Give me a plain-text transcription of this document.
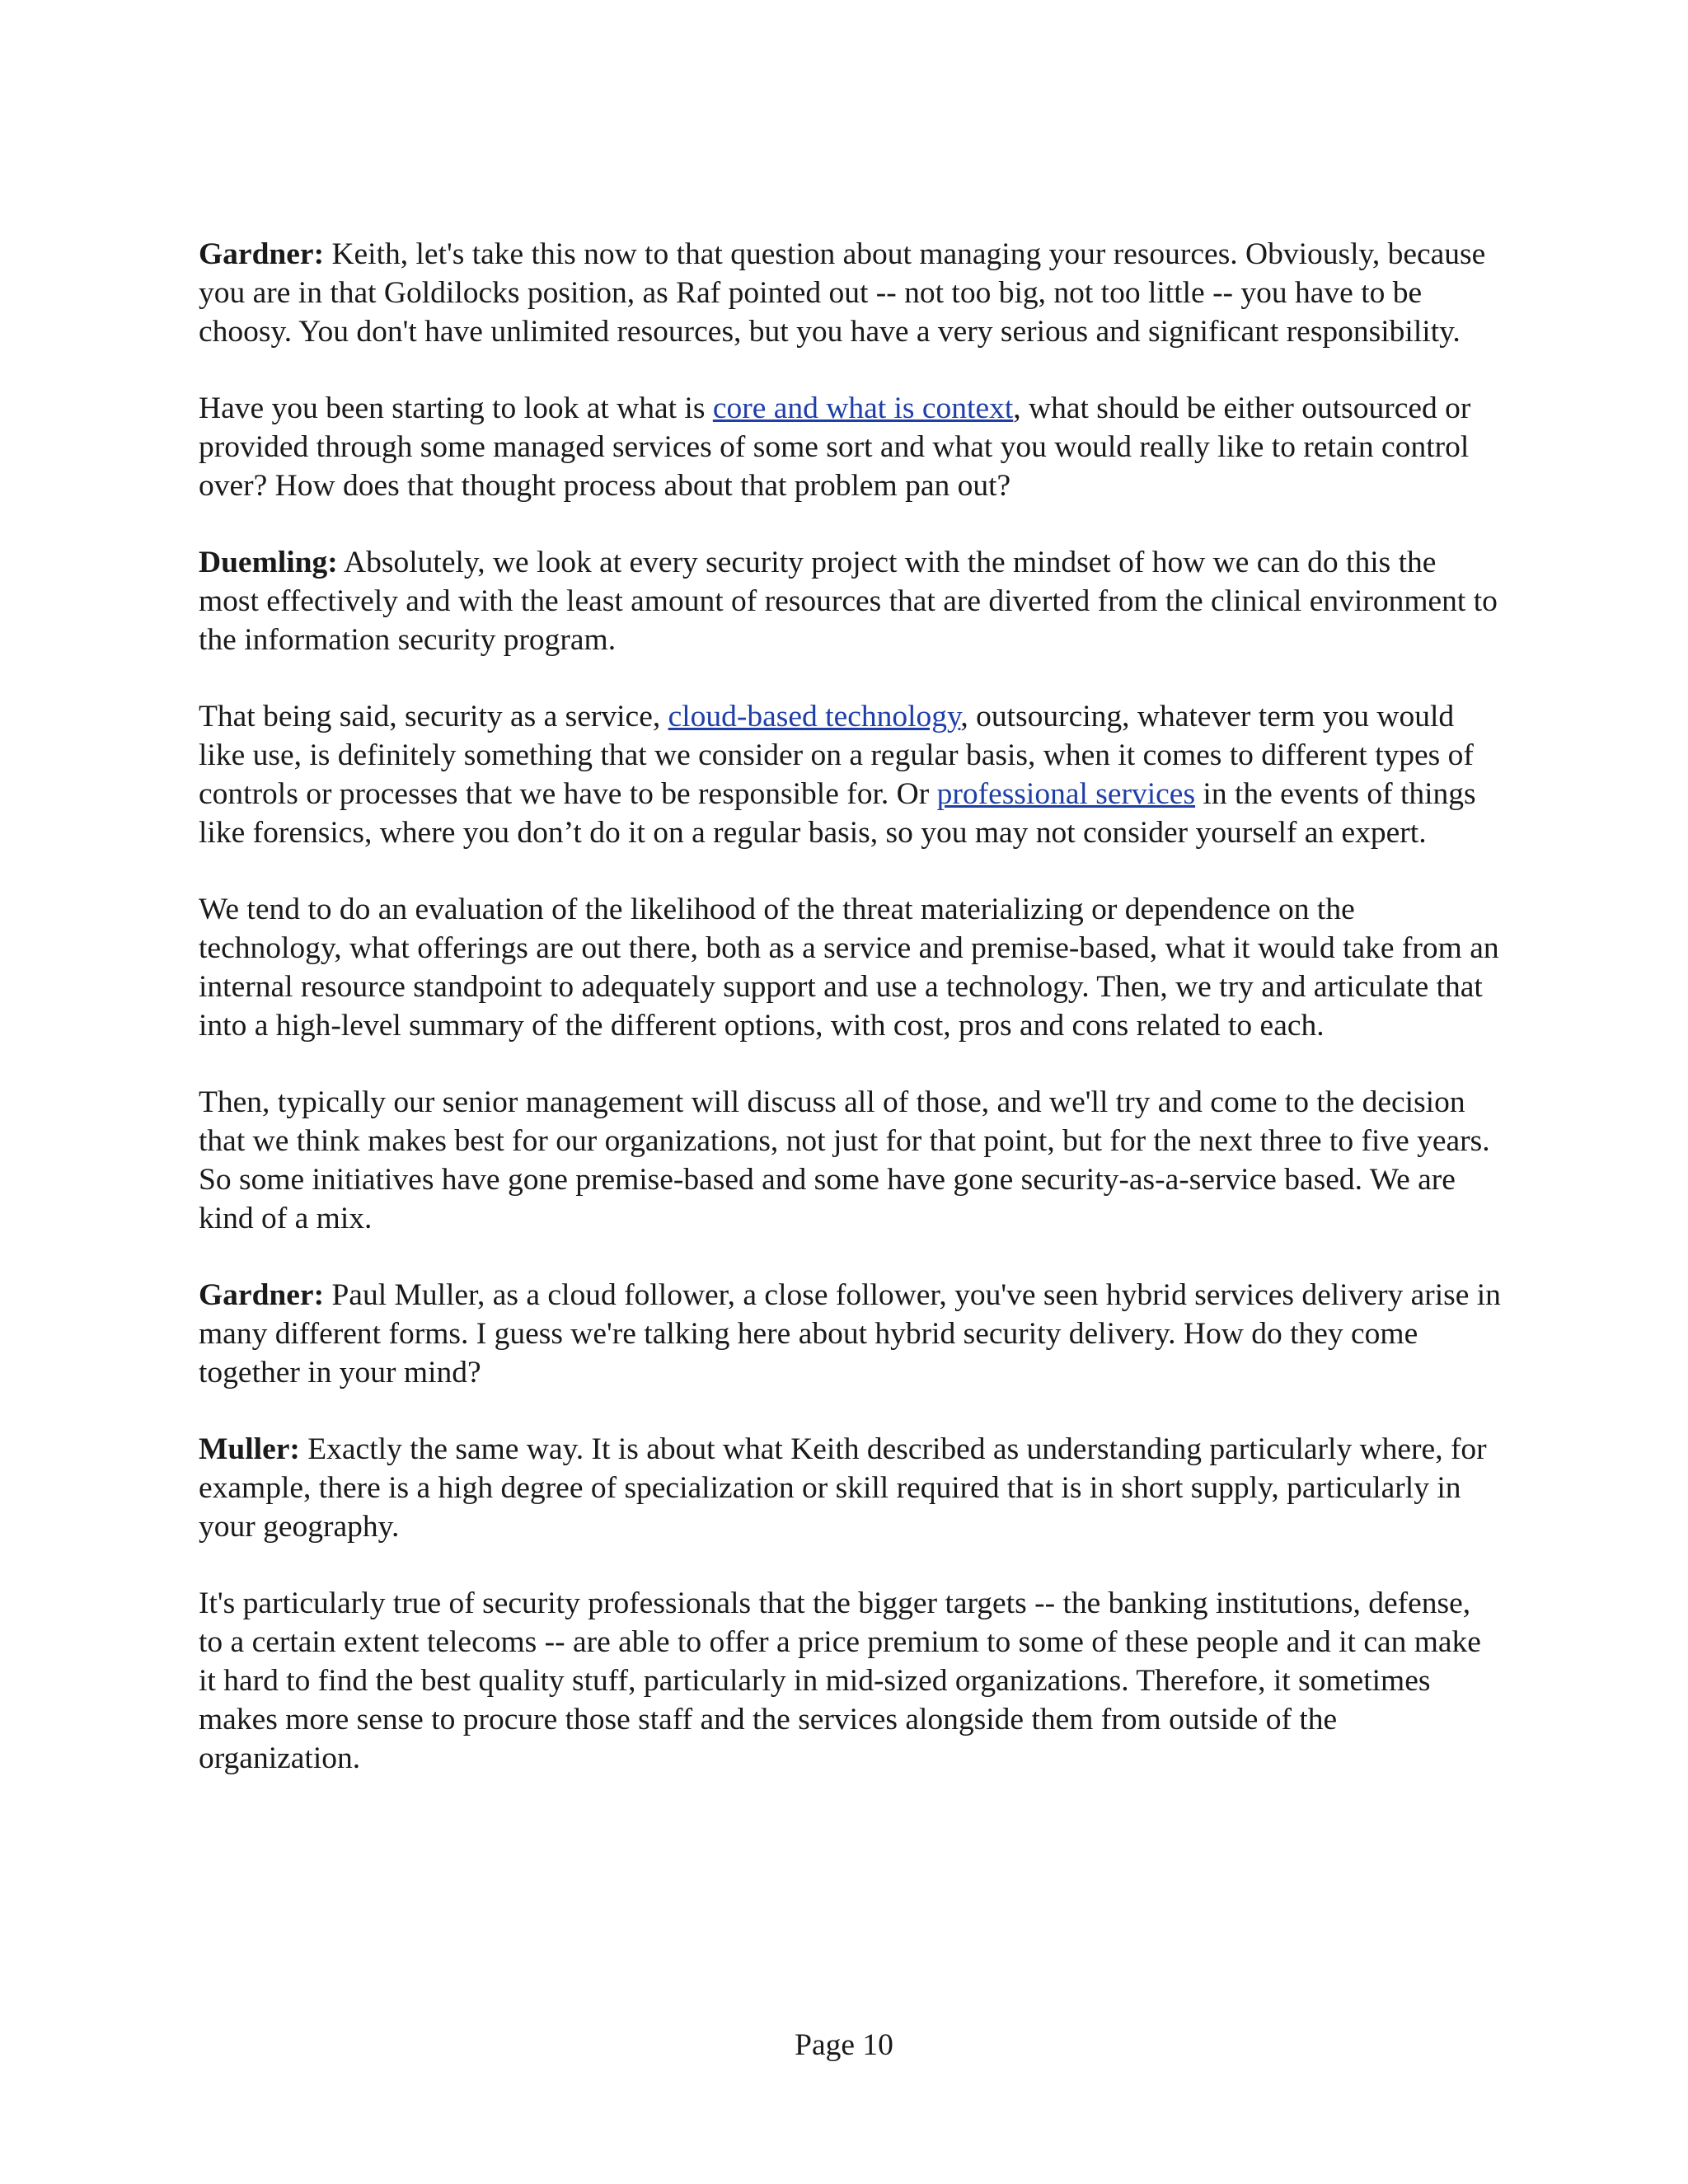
Gardner: Keith, let's take this now to that question about managing your resources. Obviously, because you are in that Goldilocks position, as Raf pointed out -- not too big, not too little -- you have to be choosy. You don't have unlimited resources, but you have a very serious and significant responsibility.

Have you been starting to look at what is core and what is context, what should be either outsourced or provided through some managed services of some sort and what you would really like to retain control over? How does that thought process about that problem pan out?

Duemling: Absolutely, we look at every security project with the mindset of how we can do this the most effectively and with the least amount of resources that are diverted from the clinical environment to the information security program.

That being said, security as a service, cloud-based technology, outsourcing, whatever term you would like use, is definitely something that we consider on a regular basis, when it comes to different types of controls or processes that we have to be responsible for. Or professional services in the events of things like forensics, where you don’t do it on a regular basis, so you may not consider yourself an expert.

We tend to do an evaluation of the likelihood of the threat materializing or dependence on the technology, what offerings are out there, both as a service and premise-based, what it would take from an internal resource standpoint to adequately support and use a technology. Then, we try and articulate that into a high-level summary of the different options, with cost, pros and cons related to each.

Then, typically our senior management will discuss all of those, and we'll try and come to the decision that we think makes best for our organizations, not just for that point, but for the next three to five years. So some initiatives have gone premise-based and some have gone security-as-a-service based. We are kind of a mix.

Gardner: Paul Muller, as a cloud follower, a close follower, you've seen hybrid services delivery arise in many different forms. I guess we're talking here about hybrid security delivery. How do they come together in your mind?

Muller: Exactly the same way. It is about what Keith described as understanding particularly where, for example, there is a high degree of specialization or skill required that is in short supply, particularly in your geography.

It's particularly true of security professionals that the bigger targets -- the banking institutions, defense, to a certain extent telecoms -- are able to offer a price premium to some of these people and it can make it hard to find the best quality stuff, particularly in mid-sized organizations. Therefore, it sometimes makes more sense to procure those staff and the services alongside them from outside of the organization.

Page 10
